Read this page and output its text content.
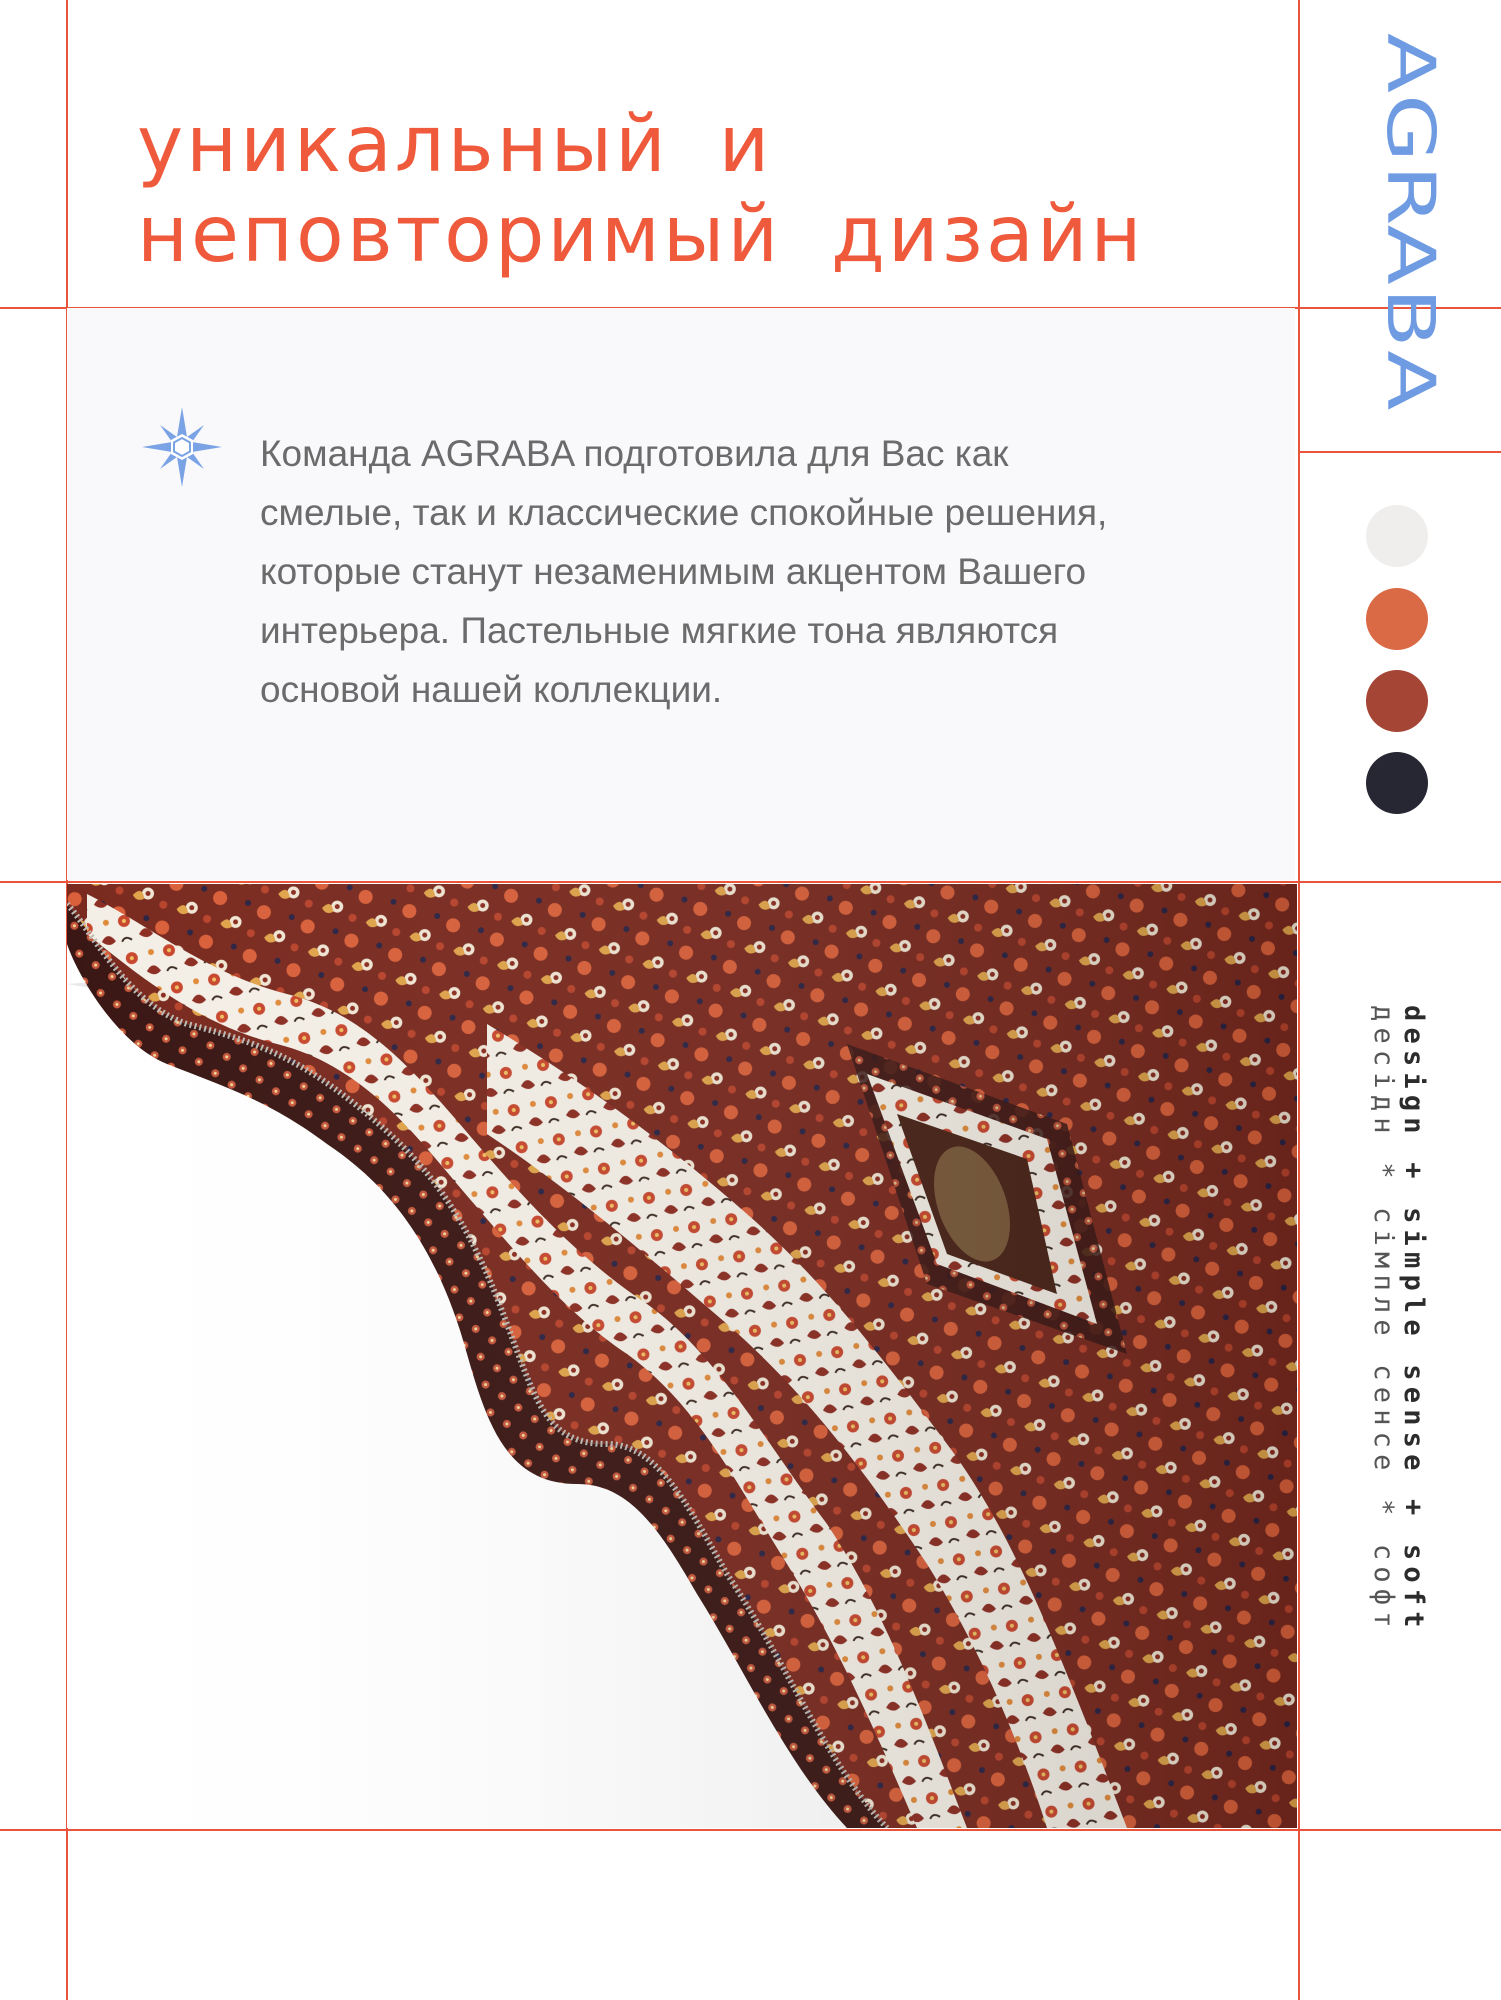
уникальный и
неповторимый дизайн	AGRABA

Команда AGRABA подготовила для Вас как смелые, так и классические спокойные решения, которые станут незаменимым акцентом Вашего интерьера. Пастельные мягкие тона являются основой нашей коллекции.

design + simple sense + soft
десідн * сімпле сенсе * софт
